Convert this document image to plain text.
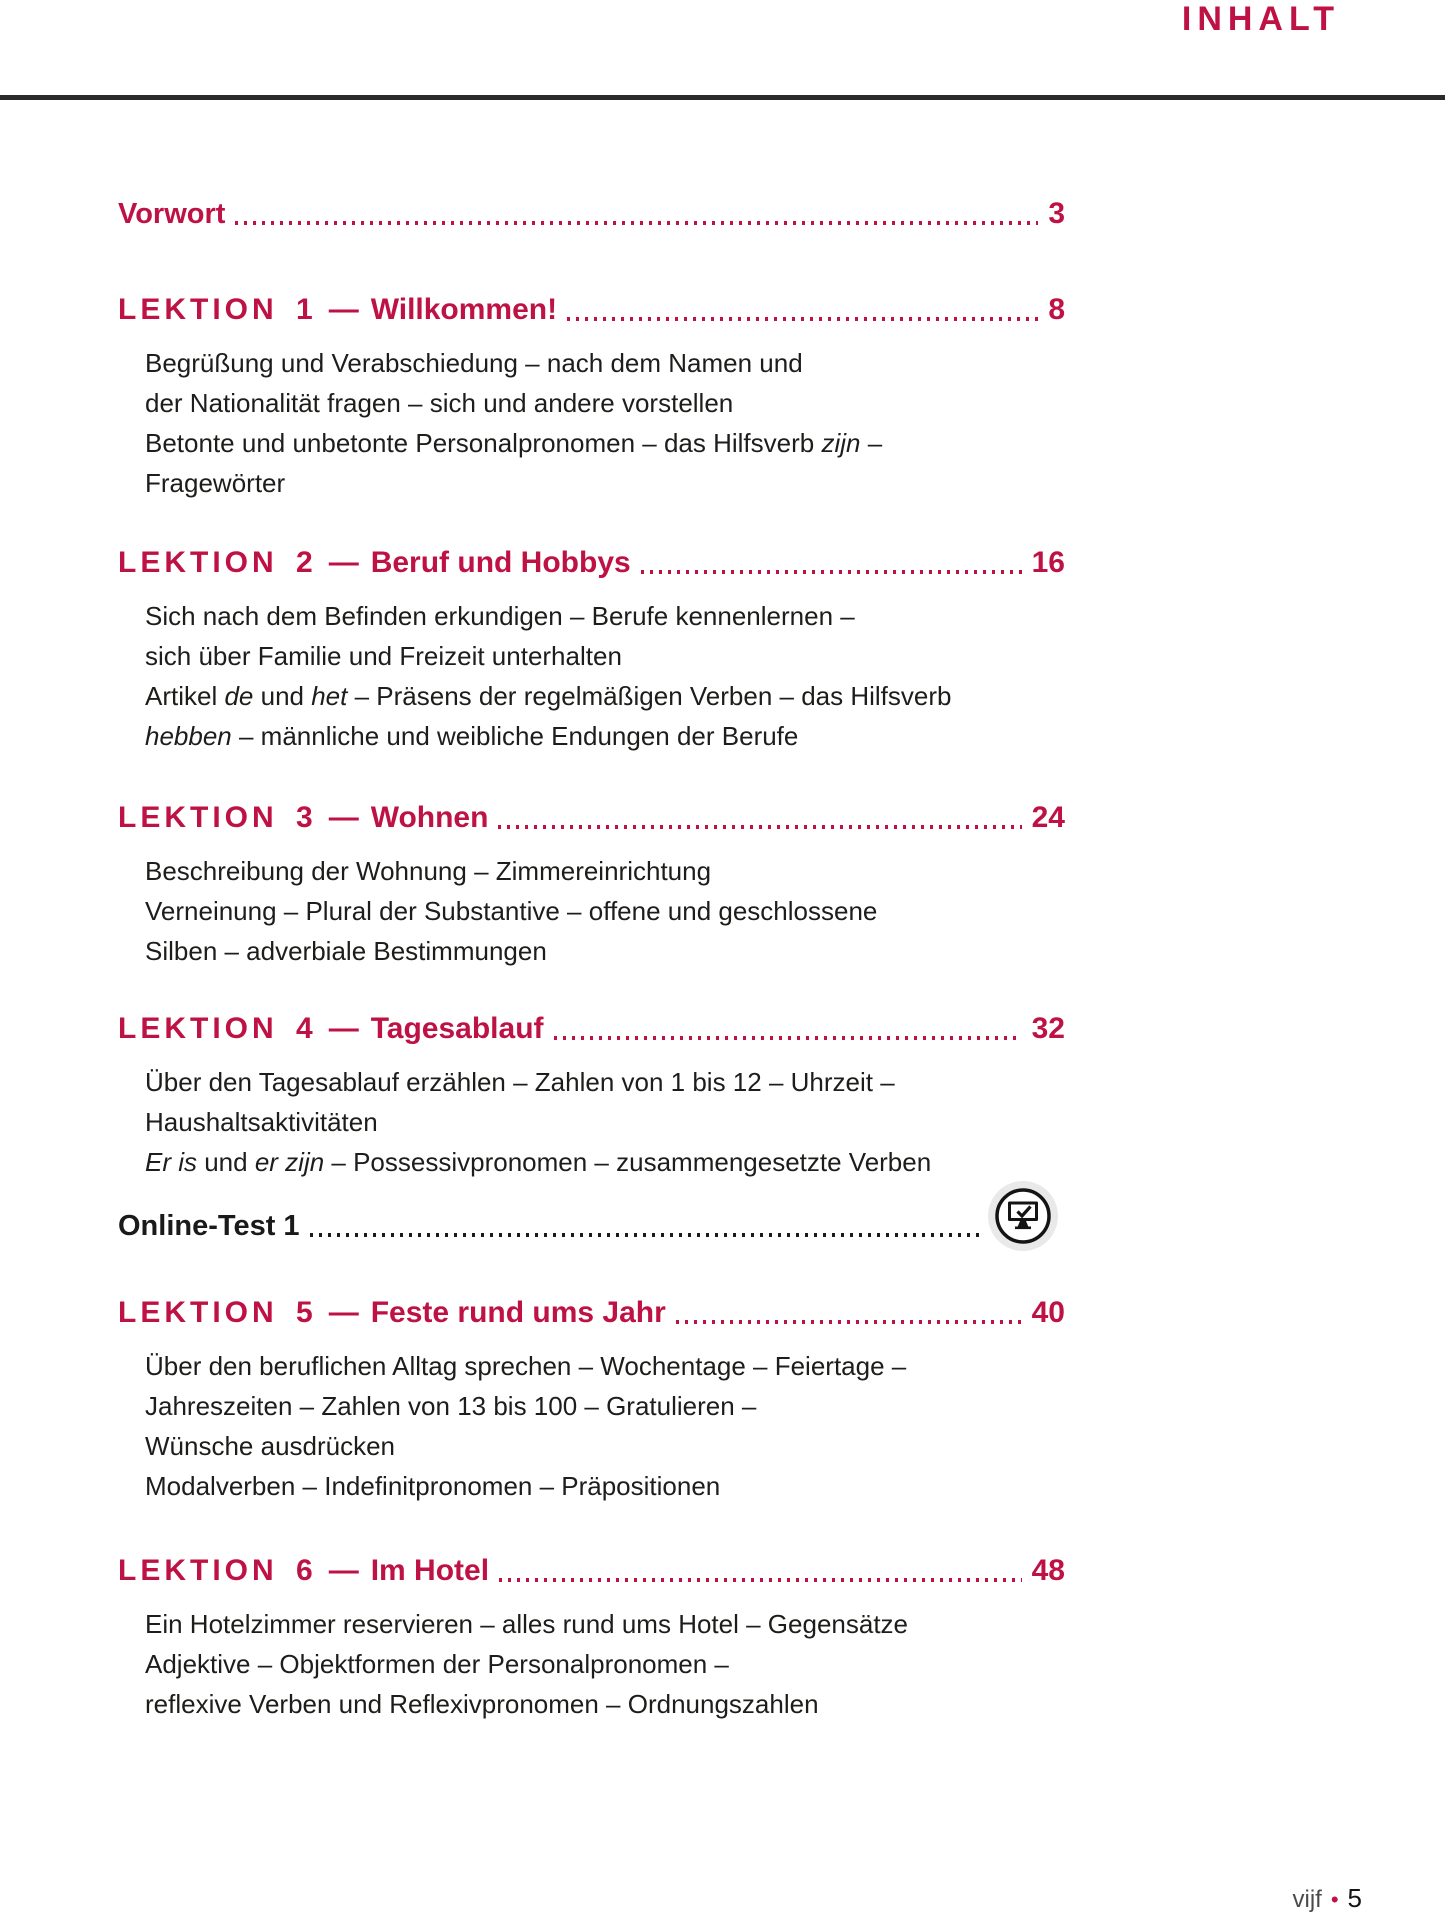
INHALT
Vorwort	3
LEKTION 1 — Willkommen!	8

Begrüßung und Verabschiedung – nach dem Namen und

der Nationalität fragen – sich und andere vorstellen

Betonte und unbetonte Personalpronomen – das Hilfsverb zijn –

Fragewörter

LEKTION 2 — Beruf und Hobbys	16

Sich nach dem Befinden erkundigen – Berufe kennenlernen –

sich über Familie und Freizeit unterhalten

Artikel de und het – Präsens der regelmäßigen Verben – das Hilfsverb

hebben – männliche und weibliche Endungen der Berufe

LEKTION 3 — Wohnen	24

Beschreibung der Wohnung – Zimmereinrichtung

Verneinung – Plural der Substantive – offene und geschlossene

Silben – adverbiale Bestimmungen

LEKTION 4 — Tagesablauf	32

Über den Tagesablauf erzählen – Zahlen von 1 bis 12 – Uhrzeit –

Haushaltsaktivitäten

Er is und er zijn – Possessivpronomen – zusammengesetzte Verben

Online-Test 1
LEKTION 5 — Feste rund ums Jahr	40

Über den beruflichen Alltag sprechen – Wochentage – Feiertage –

Jahreszeiten – Zahlen von 13 bis 100 – Gratulieren –

Wünsche ausdrücken

Modalverben – Indefinitpronomen – Präpositionen

LEKTION 6 — Im Hotel	48

Ein Hotelzimmer reservieren – alles rund ums Hotel – Gegensätze

Adjektive – Objektformen der Personalpronomen –

reflexive Verben und Reflexivpronomen – Ordnungszahlen

vijf • 5
